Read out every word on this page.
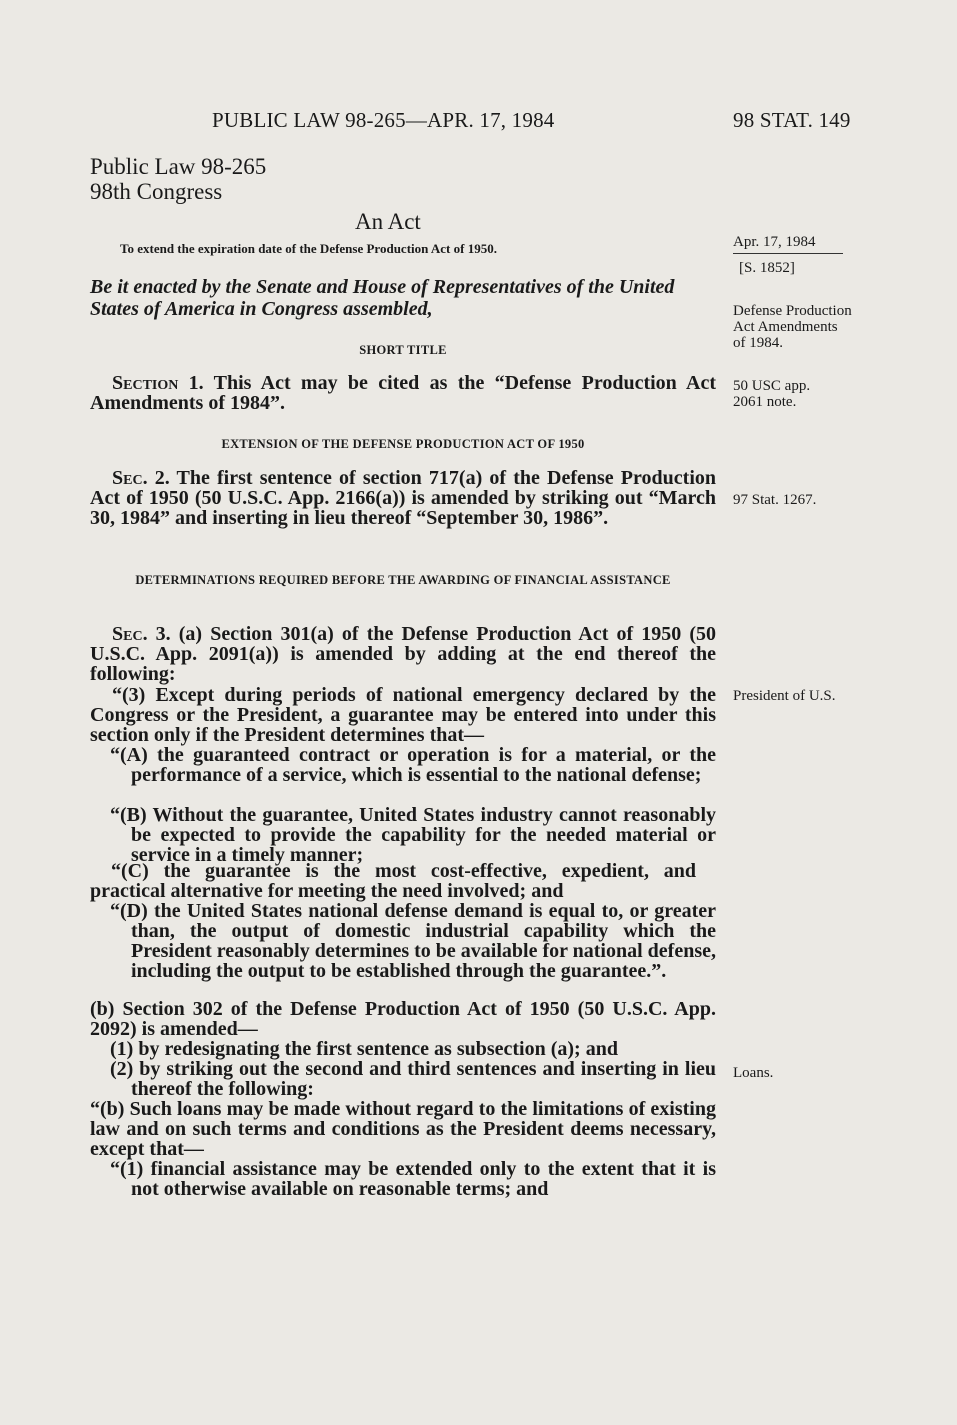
PUBLIC LAW 98-265—APR. 17, 1984	98 STAT. 149
Public Law 98-265
98th Congress
An Act
To extend the expiration date of the Defense Production Act of 1950.
Be it enacted by the Senate and House of Representatives of the United States of America in Congress assembled,
SHORT TITLE
Section 1. This Act may be cited as the “Defense Production Act Amendments of 1984”.
EXTENSION OF THE DEFENSE PRODUCTION ACT OF 1950
Sec. 2. The first sentence of section 717(a) of the Defense Production Act of 1950 (50 U.S.C. App. 2166(a)) is amended by striking out “March 30, 1984” and inserting in lieu thereof “September 30, 1986”.
DETERMINATIONS REQUIRED BEFORE THE AWARDING OF FINANCIAL ASSISTANCE
Sec. 3. (a) Section 301(a) of the Defense Production Act of 1950 (50 U.S.C. App. 2091(a)) is amended by adding at the end thereof the following:
“(3) Except during periods of national emergency declared by the Congress or the President, a guarantee may be entered into under this section only if the President determines that—
“(A) the guaranteed contract or operation is for a material, or the performance of a service, which is essential to the national defense;
“(B) Without the guarantee, United States industry cannot reasonably be expected to provide the capability for the needed material or service in a timely manner;
“(C) the guarantee is the most cost-effective, expedient, and practical alternative for meeting the need involved; and
“(D) the United States national defense demand is equal to, or greater than, the output of domestic industrial capability which the President reasonably determines to be available for national defense, including the output to be established through the guarantee.”.
(b) Section 302 of the Defense Production Act of 1950 (50 U.S.C. App. 2092) is amended—
(1) by redesignating the first sentence as subsection (a); and
(2) by striking out the second and third sentences and inserting in lieu thereof the following:
“(b) Such loans may be made without regard to the limitations of existing law and on such terms and conditions as the President deems necessary, except that—
“(1) financial assistance may be extended only to the extent that it is not otherwise available on reasonable terms; and
Apr. 17, 1984
[S. 1852]
Defense Production Act Amendments of 1984.
50 USC app. 2061 note.
97 Stat. 1267.
President of U.S.
Loans.
